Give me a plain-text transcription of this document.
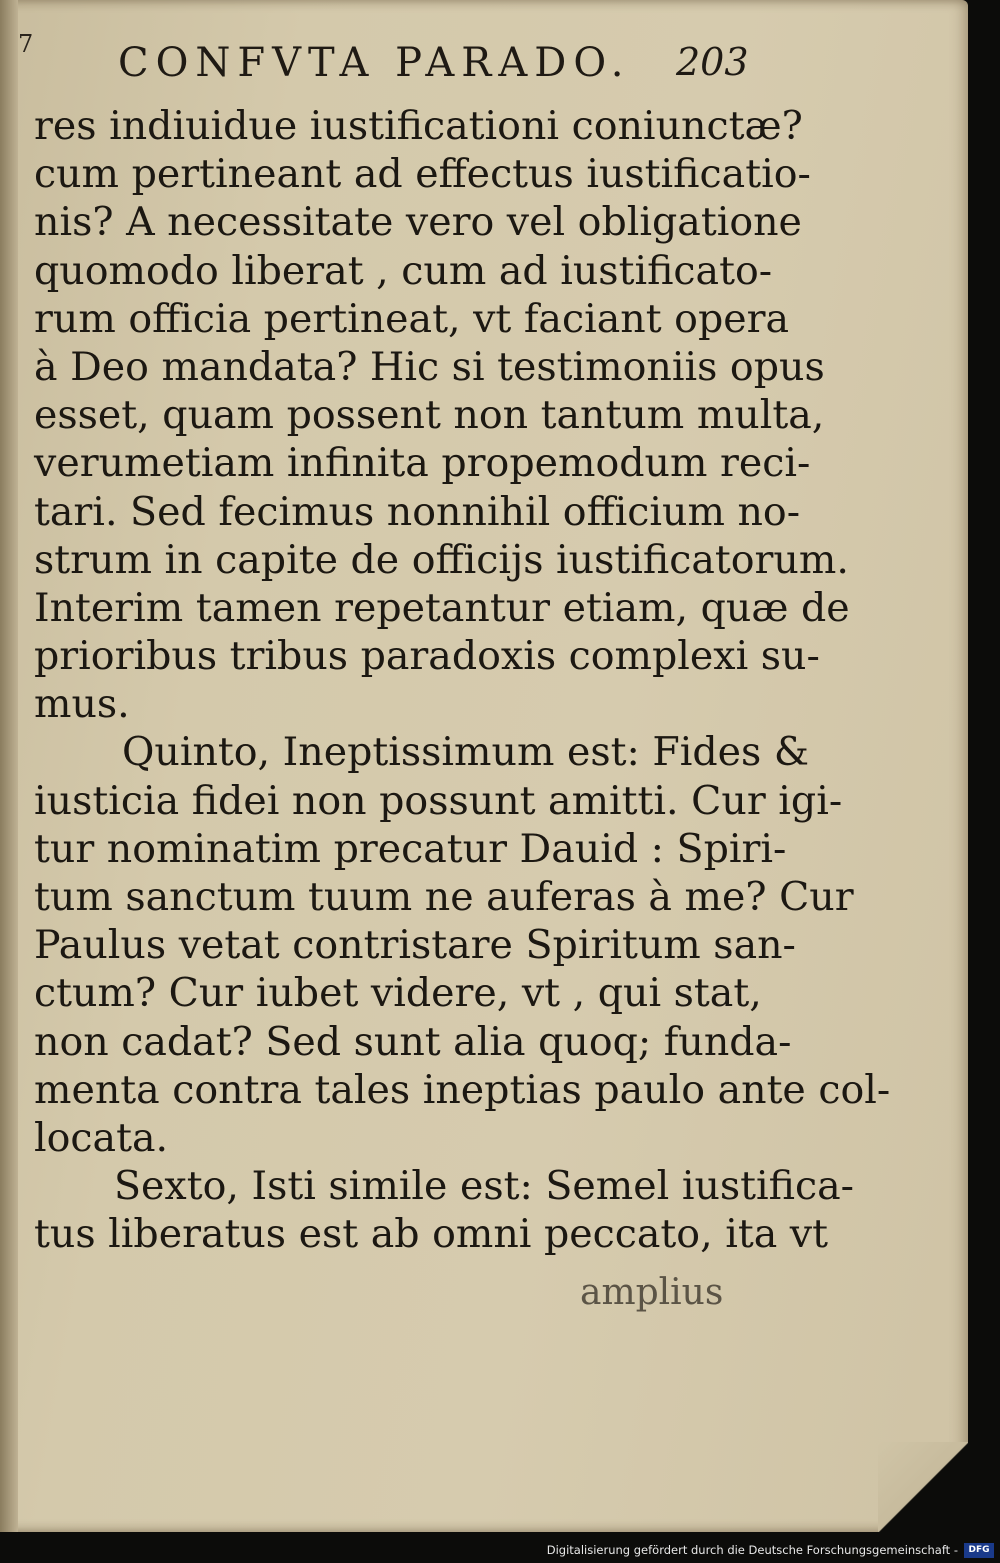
7 CONFVTA PARADO.	203
res indiuidue iustificationi coniunctæ?
cum pertineant ad effectus iustificatio-
nis? A necessitate vero vel obligatione
quomodo liberat , cum ad iustificato-
rum officia pertineat, vt faciant opera
à Deo mandata? Hic si testimoniis opus
esset, quam possent non tantum multa,
verumetiam infinita propemodum reci-
tari. Sed fecimus nonnihil officium no-
strum in capite de officijs iustificatorum.
Interim tamen repetantur etiam, quæ de
prioribus tribus paradoxis complexi su-
mus.
Quinto, Ineptissimum est: Fides &
iusticia fidei non possunt amitti. Cur igi-
tur nominatim precatur Dauid : Spiri-
tum sanctum tuum ne auferas à me? Cur
Paulus vetat contristare Spiritum san-
ctum? Cur iubet videre, vt , qui stat,
non cadat? Sed sunt alia quoq; funda-
menta contra tales ineptias paulo ante col-
locata.
Sexto, Isti simile est: Semel iustifica-
tus liberatus est ab omni peccato, ita vt
amplius
Digitalisierung gefördert durch die Deutsche Forschungsgemeinschaft -	DFG
